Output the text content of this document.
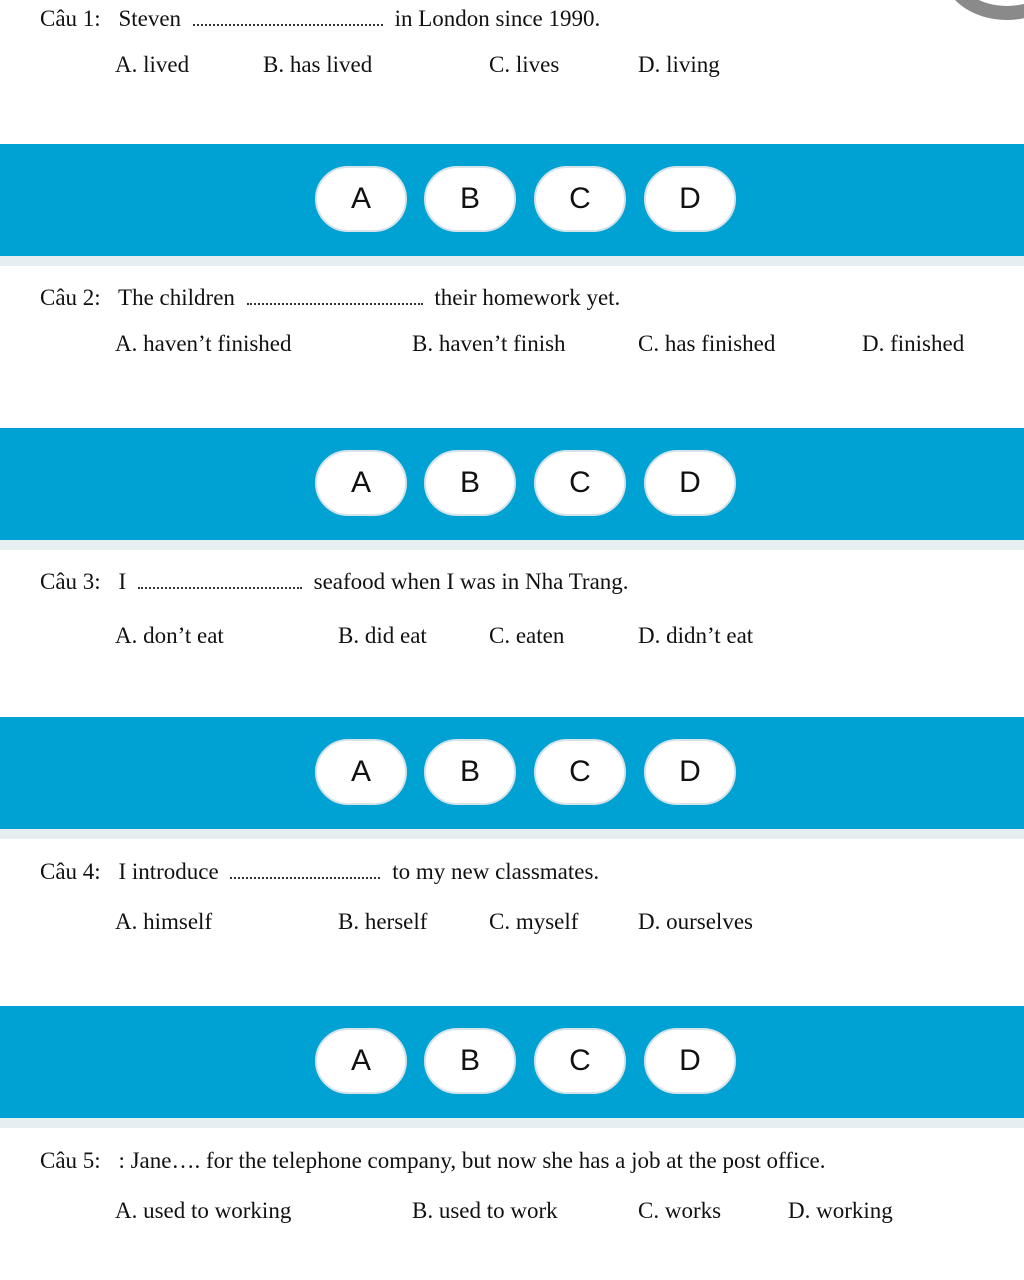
Câu 1: Steven	in London since 1990.
A. lived	B. has lived	C. lives	D. living
A	B	C	D
Câu 2: The children	their homework yet.
A. haven’t finished	B. haven’t finish	C. has finished	D. finished
A	B	C	D
Câu 3: I	seafood when I was in Nha Trang.
A. don’t eat	B. did eat	C. eaten	D. didn’t eat
A	B	C	D
Câu 4: I introduce	to my new classmates.
A. himself	B. herself	C. myself	D. ourselves
A	B	C	D
Câu 5: : Jane…. for the telephone company, but now she has a job at the post office.
A. used to working	B. used to work	C. works	D. working
